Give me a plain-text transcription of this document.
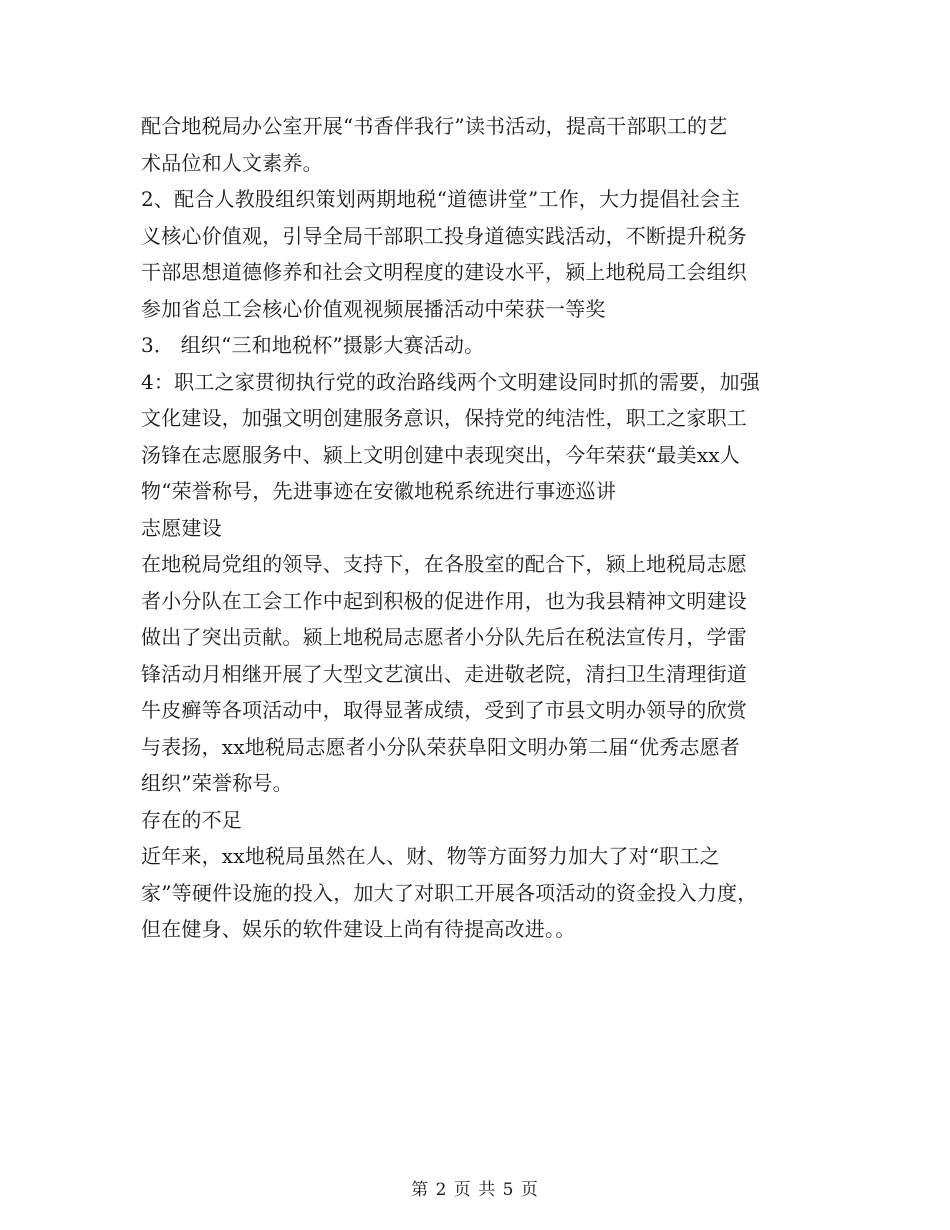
配合地税局办公室开展“书香伴我行”读书活动，提高干部职工的艺
术品位和人文素养。
2、配合人教股组织策划两期地税“道德讲堂”工作，大力提倡社会主
义核心价值观，引导全局干部职工投身道德实践活动，不断提升税务
干部思想道德修养和社会文明程度的建设水平，颍上地税局工会组织
参加省总工会核心价值观视频展播活动中荣获一等奖
3． 组织“三和地税杯”摄影大赛活动。
4：职工之家贯彻执行党的政治路线两个文明建设同时抓的需要，加强
文化建设，加强文明创建服务意识，保持党的纯洁性，职工之家职工
汤锋在志愿服务中、颍上文明创建中表现突出，今年荣获“最美xx人
物“荣誉称号，先进事迹在安徽地税系统进行事迹巡讲
志愿建设
在地税局党组的领导、支持下，在各股室的配合下，颍上地税局志愿
者小分队在工会工作中起到积极的促进作用，也为我县精神文明建设
做出了突出贡献。颍上地税局志愿者小分队先后在税法宣传月，学雷
锋活动月相继开展了大型文艺演出、走进敬老院，清扫卫生清理街道
牛皮癣等各项活动中，取得显著成绩，受到了市县文明办领导的欣赏
与表扬，xx地税局志愿者小分队荣获阜阳文明办第二届“优秀志愿者
组织”荣誉称号。
存在的不足
近年来，xx地税局虽然在人、财、物等方面努力加大了对“职工之
家”等硬件设施的投入，加大了对职工开展各项活动的资金投入力度，
但在健身、娱乐的软件建设上尚有待提高改进。。
第 2 页 共 5 页
